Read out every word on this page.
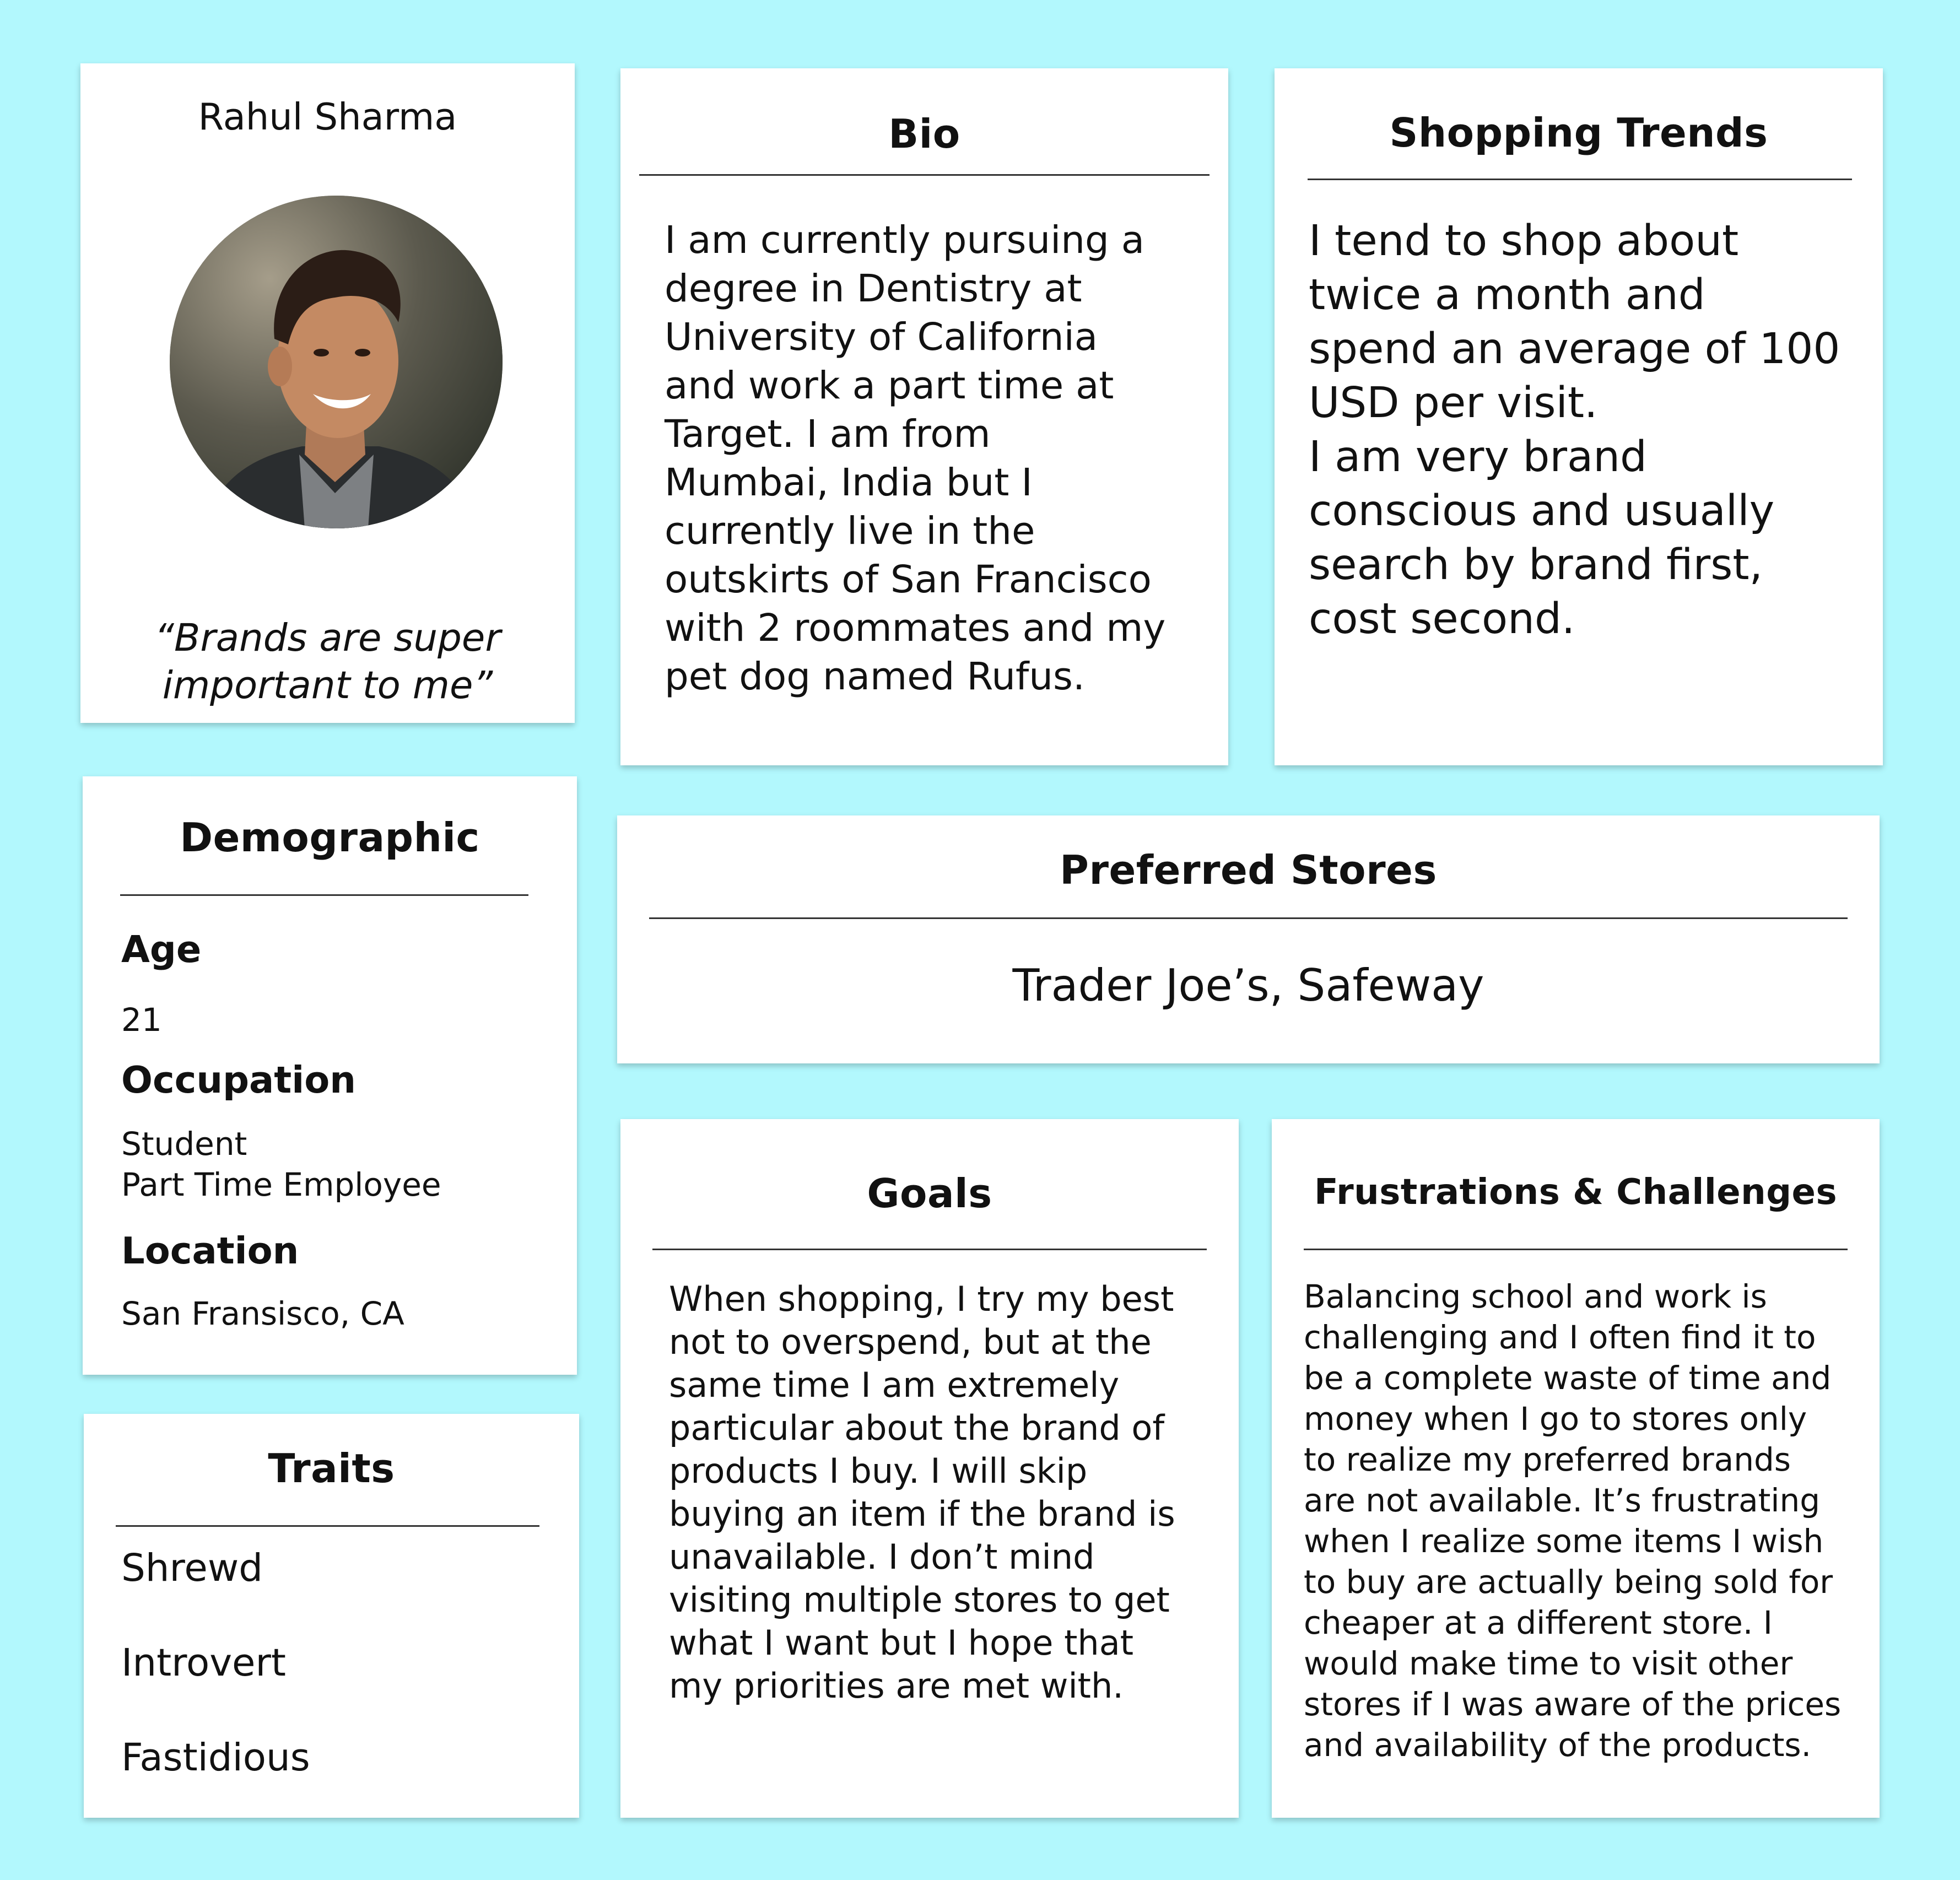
Rahul Sharma
“Brands are super
important to me”
Bio
I am currently pursuing a
degree in Dentistry at
University of California
and work a part time at
Target. I am from
Mumbai, India but I
currently live in the
outskirts of San Francisco
with 2 roommates and my
pet dog named Rufus.
Shopping Trends
I tend to shop about
twice a month and
spend an average of 100
USD per visit.
I am very brand
conscious and usually
search by brand first,
cost second.
Demographic
Age
21
Occupation
Student
Part Time Employee
Location
San Fransisco, CA
Preferred Stores
Trader Joe’s, Safeway
Traits
Shrewd
Introvert
Fastidious
Goals
When shopping, I try my best
not to overspend, but at the
same time I am extremely
particular about the brand of
products I buy. I will skip
buying an item if the brand is
unavailable. I don’t mind
visiting multiple stores to get
what I want but I hope that
my priorities are met with.
Frustrations & Challenges
Balancing school and work is
challenging and I often find it to
be a complete waste of time and
money when I go to stores only
to realize my preferred brands
are not available. It’s frustrating
when I realize some items I wish
to buy are actually being sold for
cheaper at a different store. I
would make time to visit other
stores if I was aware of the prices
and availability of the products.
